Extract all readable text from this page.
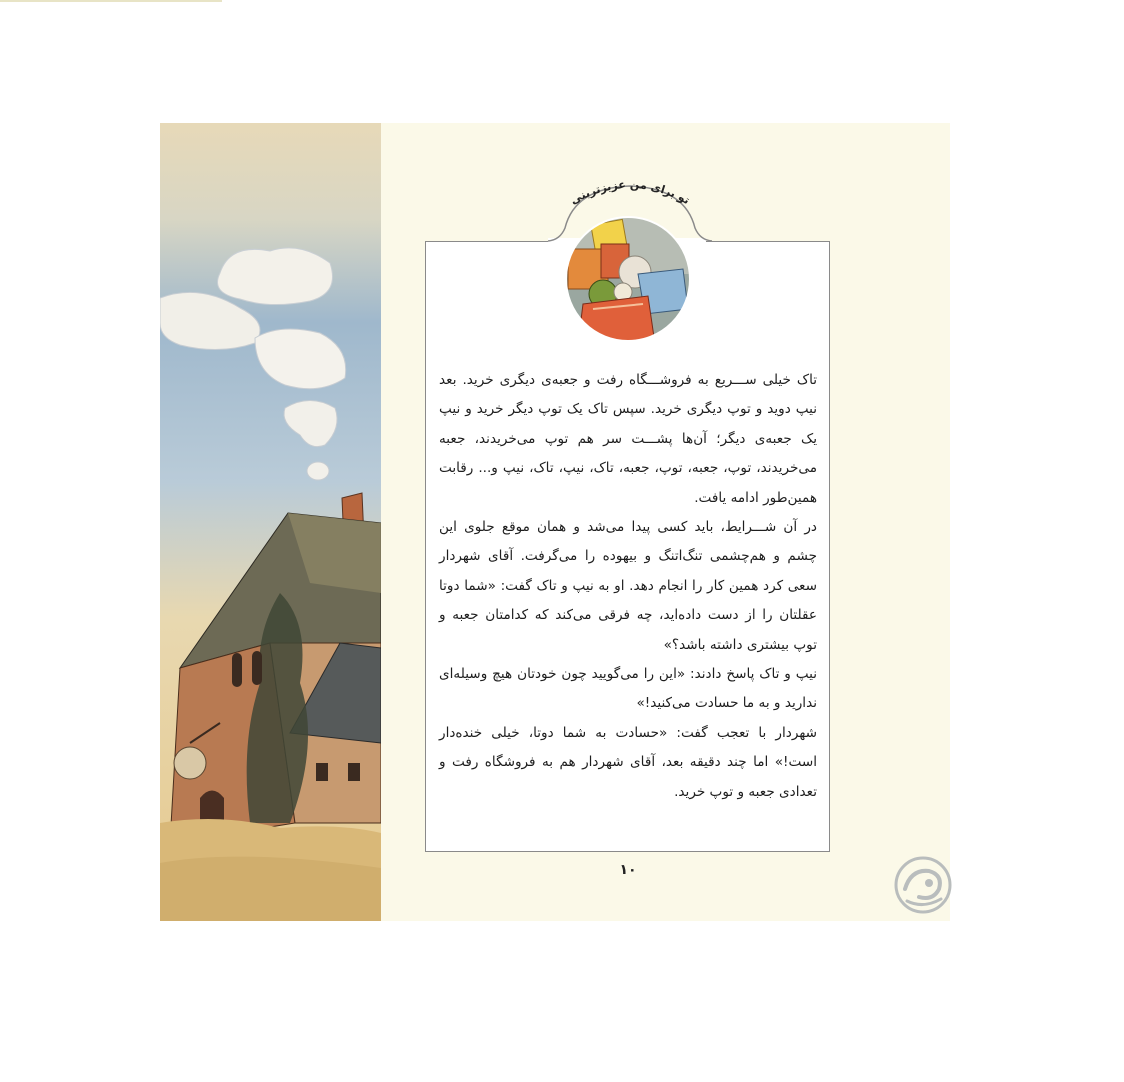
تو برای من عزیزترینی

تاک خیلی ســـریع به فروشـــگاه رفت و جعبه‌ی دیگری خرید. بعد نیپ دوید و توپ دیگری خرید. سپس تاک یک توپ دیگر خرید و نیپ یک جعبه‌ی دیگر؛ آن‌ها پشـــت سر هم توپ می‌خریدند، جعبه می‌خریدند، توپ، جعبه، توپ، جعبه، تاک، نیپ، تاک، نیپ و... رقابت همین‌طور ادامه یافت.

در آن شـــرایط، باید کسی پیدا می‌شد و همان موقع جلوی این چشم و هم‌چشمی تنگ‌اتنگ و بیهوده را می‌گرفت. آقای شهردار سعی کرد همین کار را انجام دهد. او به نیپ و تاک گفت: «شما دوتا عقلتان را از دست داده‌اید، چه فرقی می‌کند که کدامتان جعبه و توپ بیشتری داشته باشد؟»

نیپ و تاک پاسخ دادند: «این را می‌گویید چون خودتان هیچ وسیله‌ای ندارید و به ما حسادت می‌کنید!»

شهردار با تعجب گفت: «حسادت به شما دوتا، خیلی خنده‌دار است!» اما چند دقیقه بعد، آقای شهردار هم به فروشگاه رفت و تعدادی جعبه و توپ خرید.

۱۰
